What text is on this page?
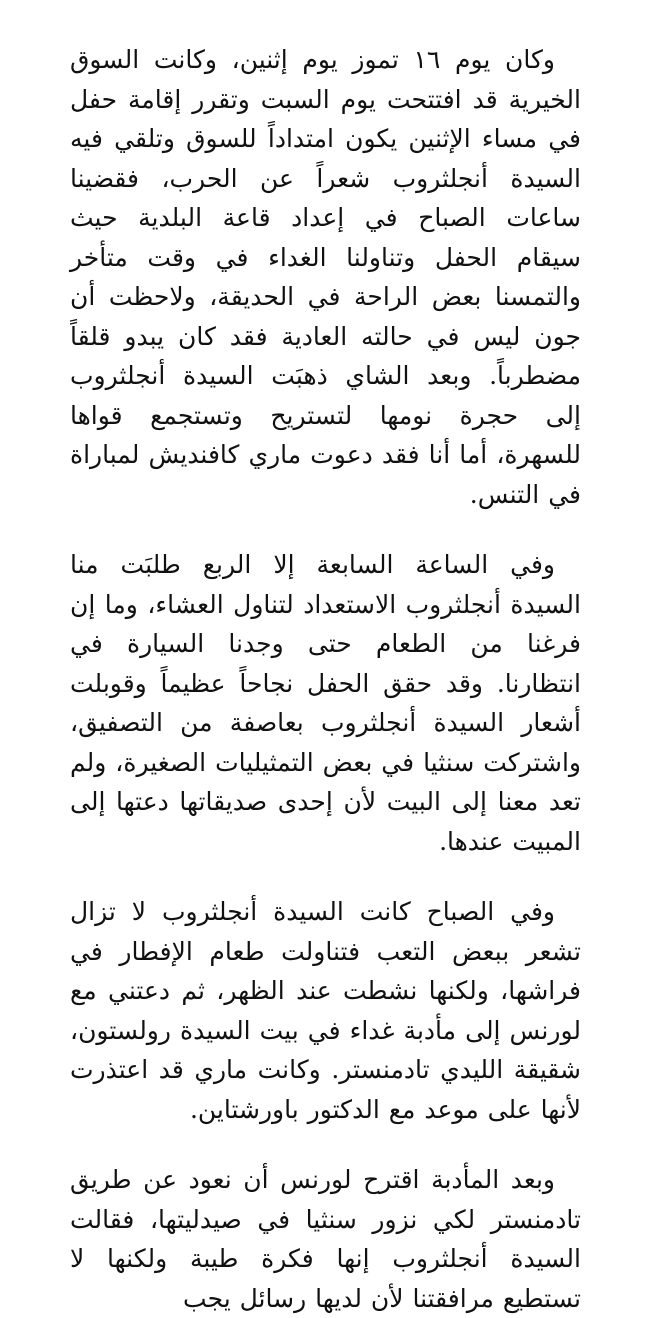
وكان يوم ١٦ تموز يوم إثنين، وكانت السوق الخيرية قد افتتحت يوم السبت وتقرر إقامة حفل في مساء الإثنين يكون امتداداً للسوق وتلقي فيه السيدة أنجلثروب شعراً عن الحرب، فقضينا ساعات الصباح في إعداد قاعة البلدية حيث سيقام الحفل وتناولنا الغداء في وقت متأخر والتمسنا بعض الراحة في الحديقة، ولاحظت أن جون ليس في حالته العادية فقد كان يبدو قلقاً مضطرباً. وبعد الشاي ذهبَت السيدة أنجلثروب إلى حجرة نومها لتستريح وتستجمع قواها للسهرة، أما أنا فقد دعوت ماري كافنديش لمباراة في التنس.

وفي الساعة السابعة إلا الربع طلبَت منا السيدة أنجلثروب الاستعداد لتناول العشاء، وما إن فرغنا من الطعام حتى وجدنا السيارة في انتظارنا. وقد حقق الحفل نجاحاً عظيماً وقوبلت أشعار السيدة أنجلثروب بعاصفة من التصفيق، واشتركت سنثيا في بعض التمثيليات الصغيرة، ولم تعد معنا إلى البيت لأن إحدى صديقاتها دعتها إلى المبيت عندها.

وفي الصباح كانت السيدة أنجلثروب لا تزال تشعر ببعض التعب فتناولت طعام الإفطار في فراشها، ولكنها نشطت عند الظهر، ثم دعتني مع لورنس إلى مأدبة غداء في بيت السيدة رولستون، شقيقة الليدي تادمنستر. وكانت ماري قد اعتذرت لأنها على موعد مع الدكتور باورشتاين.

وبعد المأدبة اقترح لورنس أن نعود عن طريق تادمنستر لكي نزور سنثيا في صيدليتها، فقالت السيدة أنجلثروب إنها فكرة طيبة ولكنها لا تستطيع مرافقتنا لأن لديها رسائل يجب
